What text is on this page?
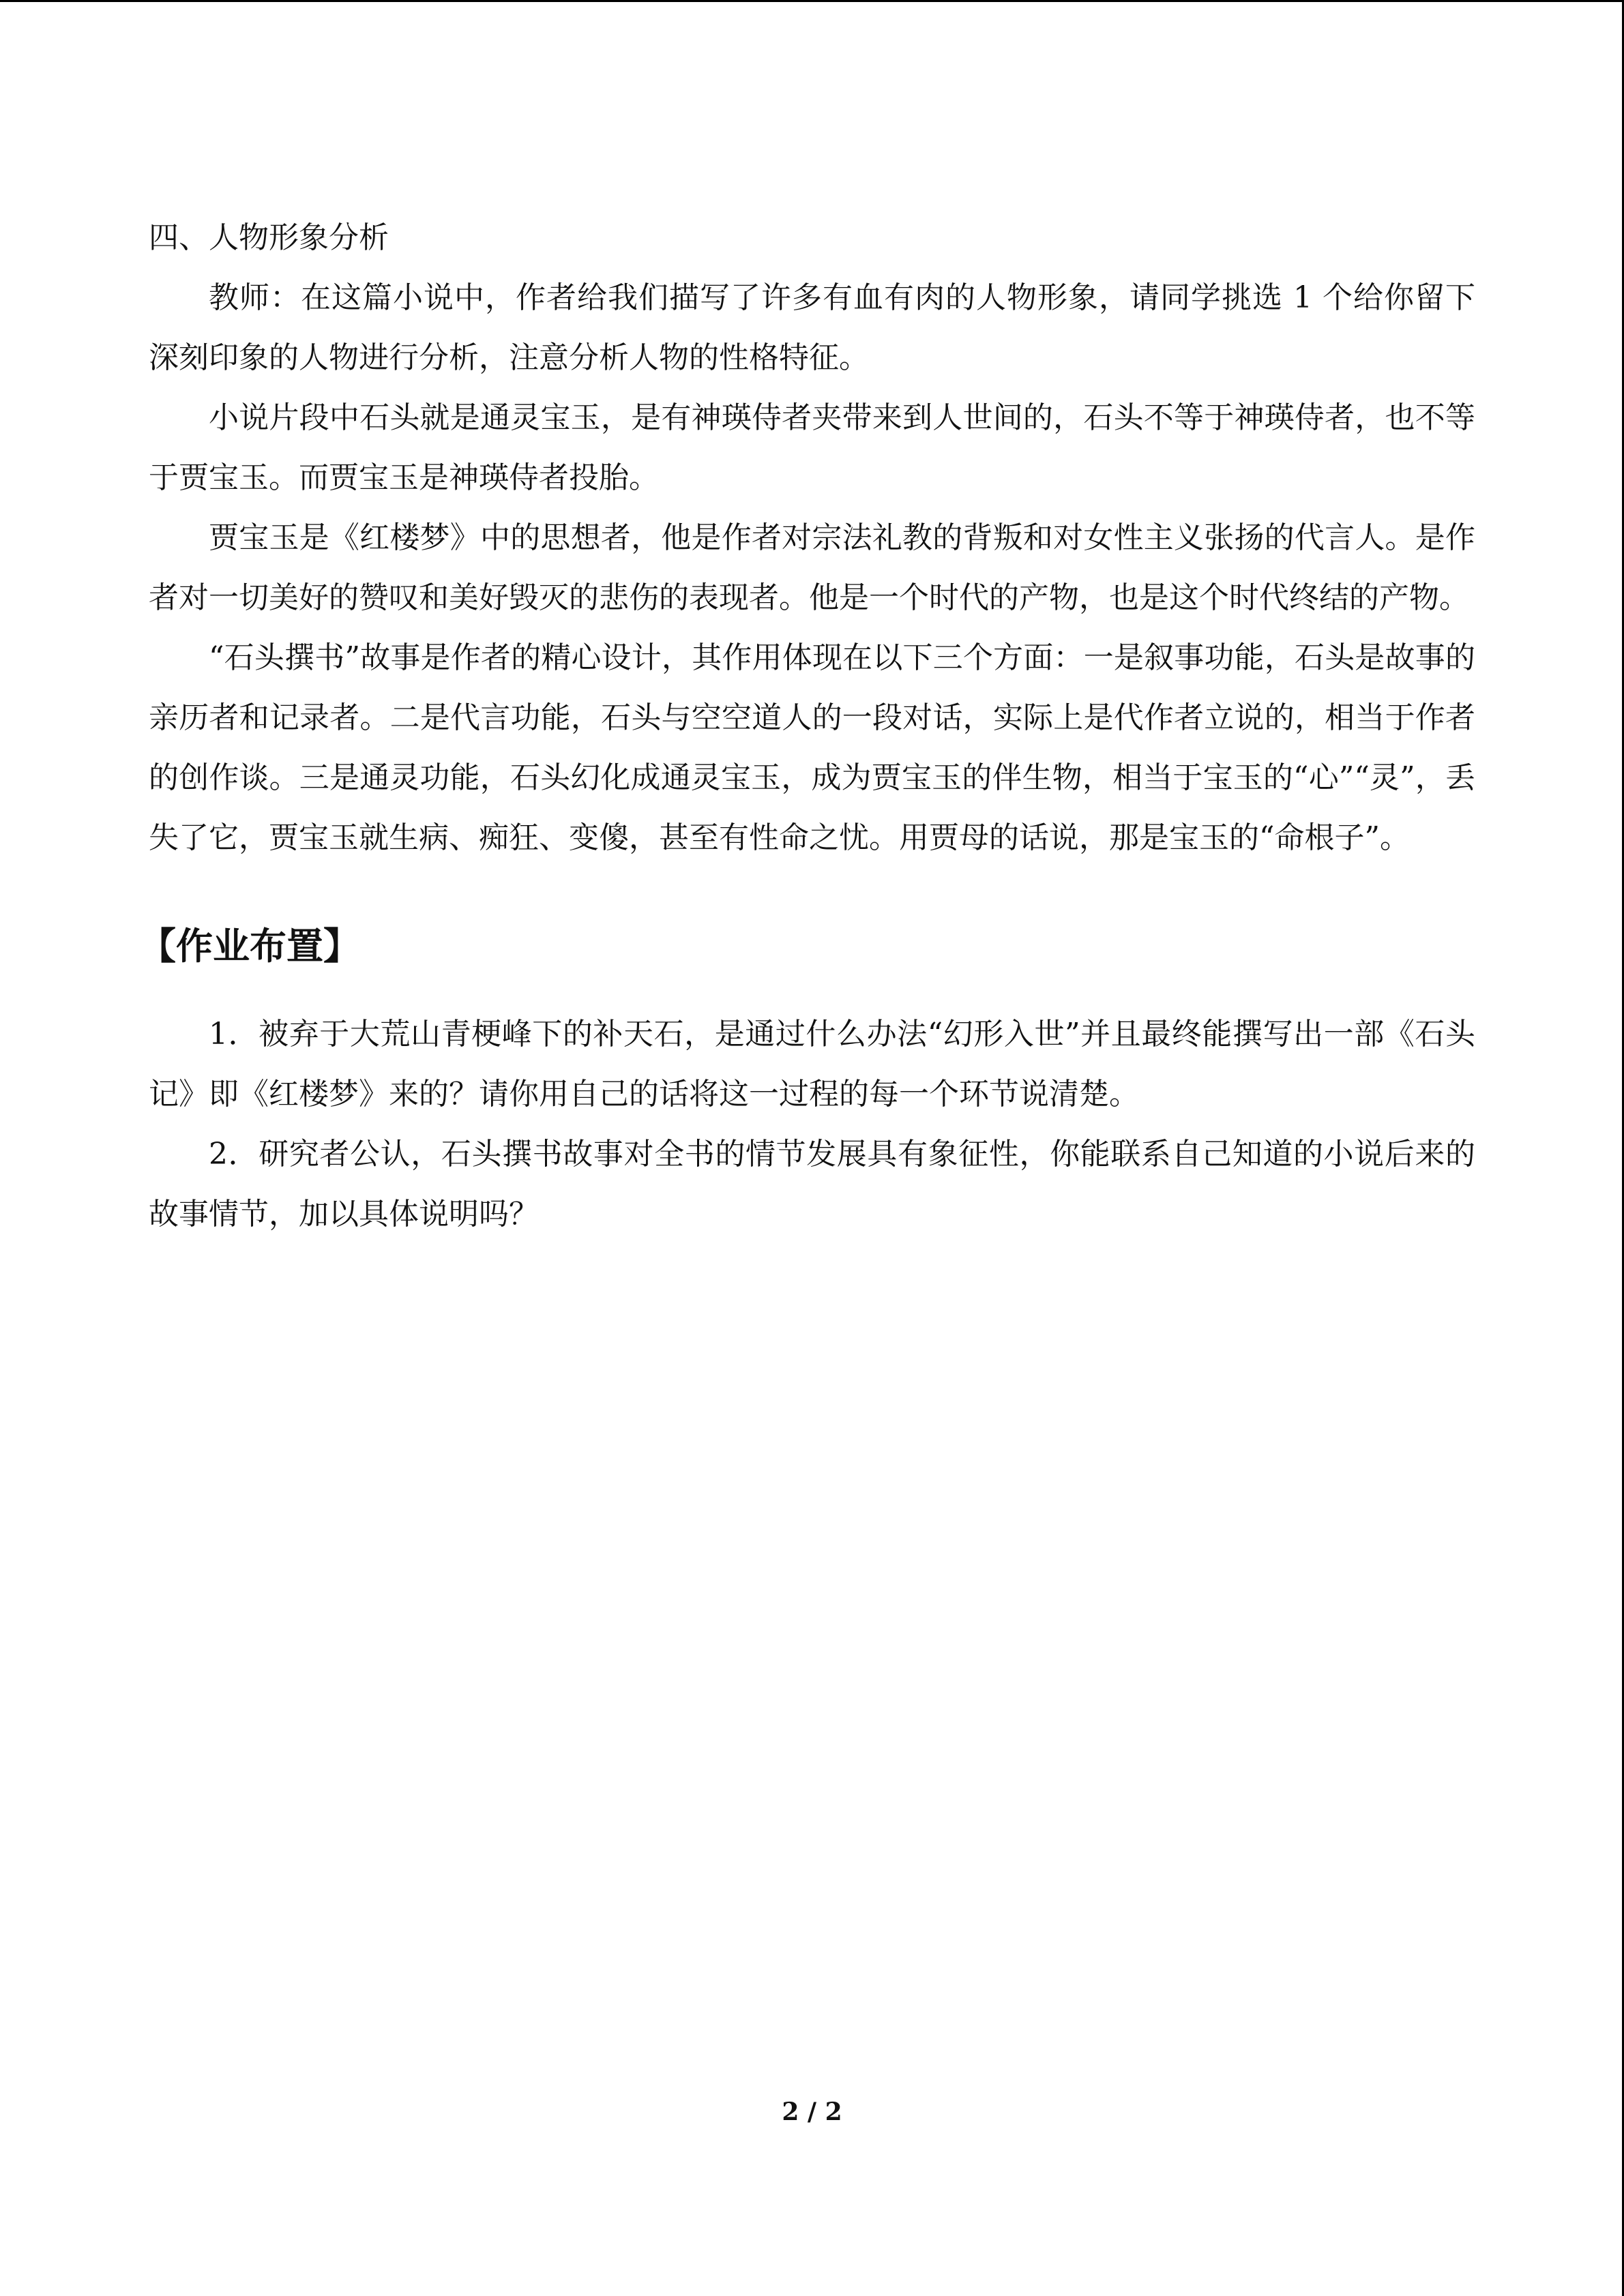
四、人物形象分析

教师：在这篇小说中，作者给我们描写了许多有血有肉的人物形象，请同学挑选 1 个给你留下深刻印象的人物进行分析，注意分析人物的性格特征。

小说片段中石头就是通灵宝玉，是有神瑛侍者夹带来到人世间的，石头不等于神瑛侍者，也不等于贾宝玉。而贾宝玉是神瑛侍者投胎。

贾宝玉是《红楼梦》中的思想者，他是作者对宗法礼教的背叛和对女性主义张扬的代言人。是作者对一切美好的赞叹和美好毁灭的悲伤的表现者。他是一个时代的产物，也是这个时代终结的产物。

“石头撰书”故事是作者的精心设计，其作用体现在以下三个方面：一是叙事功能，石头是故事的亲历者和记录者。二是代言功能，石头与空空道人的一段对话，实际上是代作者立说的，相当于作者的创作谈。三是通灵功能，石头幻化成通灵宝玉，成为贾宝玉的伴生物，相当于宝玉的“心”“灵”，丢失了它，贾宝玉就生病、痴狂、变傻，甚至有性命之忧。用贾母的话说，那是宝玉的“命根子”。

【作业布置】

1．被弃于大荒山青梗峰下的补天石，是通过什么办法“幻形入世”并且最终能撰写出一部《石头记》即《红楼梦》来的？请你用自己的话将这一过程的每一个环节说清楚。

2．研究者公认，石头撰书故事对全书的情节发展具有象征性，你能联系自己知道的小说后来的故事情节，加以具体说明吗？

2 / 2
